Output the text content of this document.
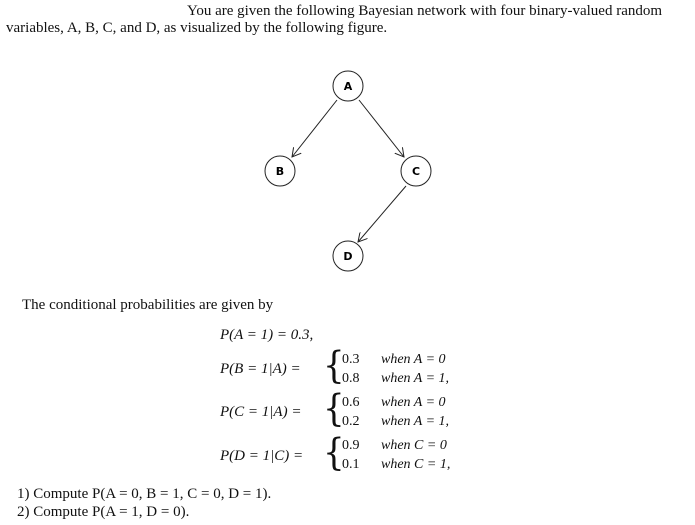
You are given the following Bayesian network with four binary-valued random
variables, A, B, C, and D, as visualized by the following figure.
A
B	C
D
The conditional probabilities are given by
P(A = 1) = 0.3,
P(B = 1|A) = {
0.3 when A = 0
0.8 when A = 1,
P(C = 1|A) = {
0.6 when A = 0
0.2 when A = 1,
P(D = 1|C) = {
0.9 when C = 0
0.1 when C = 1,
1) Compute P(A = 0, B = 1, C = 0, D = 1).
2) Compute P(A = 1, D = 0).
